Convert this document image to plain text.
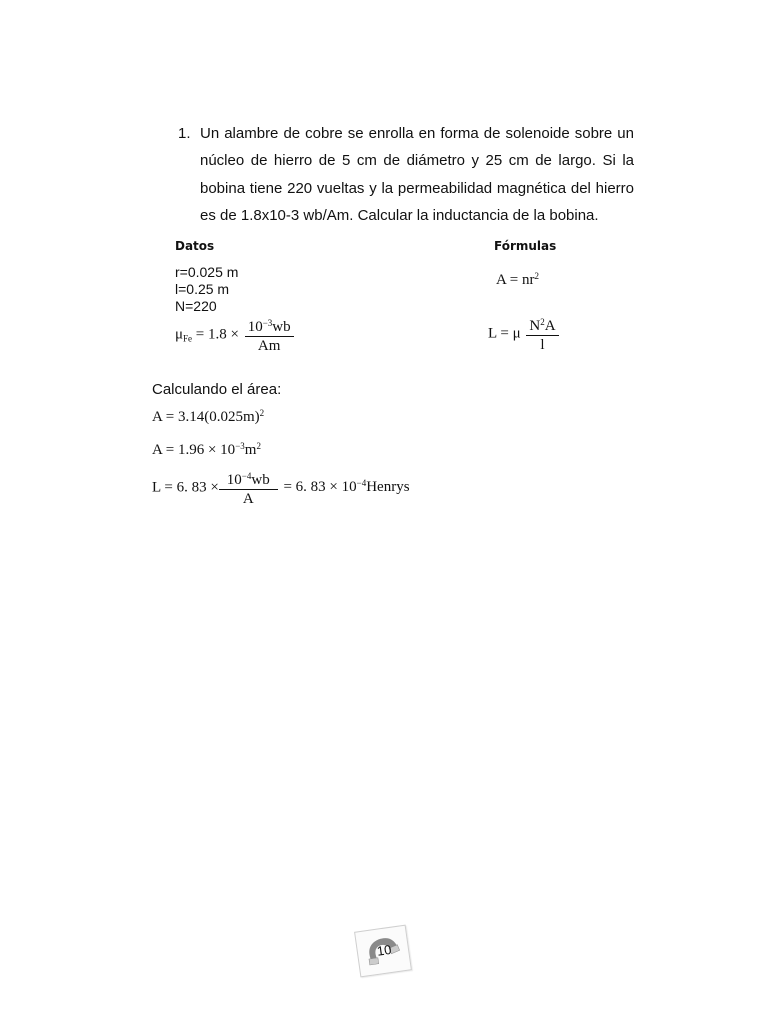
1. Un alambre de cobre se enrolla en forma de solenoide sobre un núcleo de hierro de 5 cm de diámetro y 25 cm de largo. Si la bobina tiene 220 vueltas y la permeabilidad magnética del hierro es de 1.8x10-3 wb/Am. Calcular la inductancia de la bobina.
Datos
r=0.025 m
l=0.25 m
N=220
$\mu_{Fe} = 1.8 \times \frac{10^{-3}wb}{Am}$
Fórmulas
$A = nr^2$
L = μ $\frac{N^2A}{l}$
Calculando el área:
$A = 3.14(0.025m)^2$
$A = 1.96 \times 10^{-3}m^2$
L = 6. $83 \times \frac{10^{-4}wb}{A} = 6$. $83 \times 10^{-4}Henrys$
10
